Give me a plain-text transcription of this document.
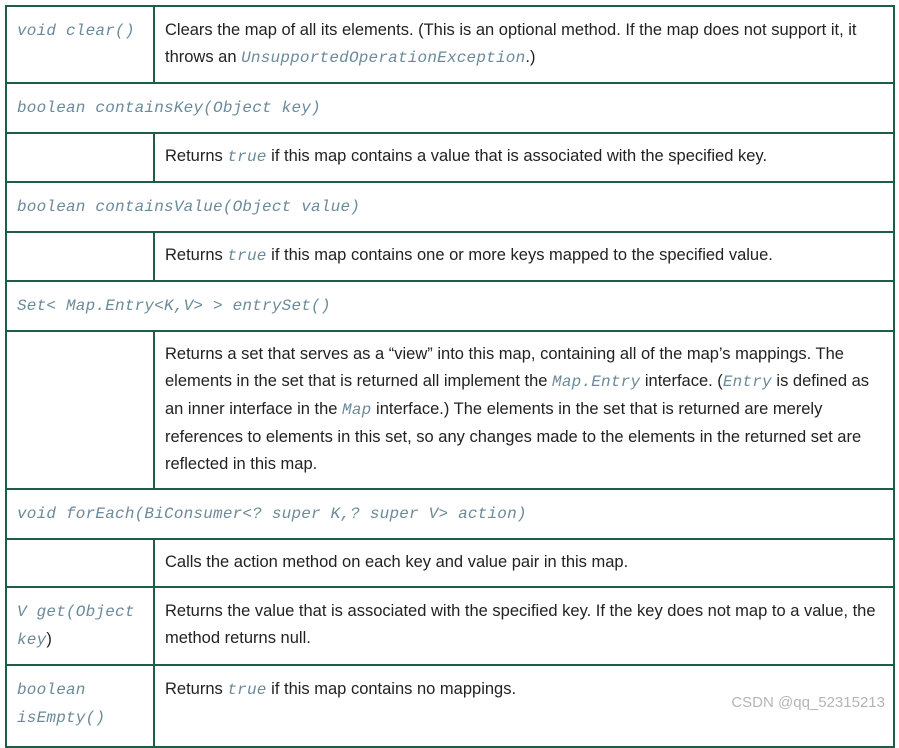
void clear()	Clears the map of all its elements. (This is an optional method. If the map does not support it, it throws an UnsupportedOperationException.)
boolean containsKey(Object key)	
	Returns true if this map contains a value that is associated with the specified key.
boolean containsValue(Object value)	
	Returns true if this map contains one or more keys mapped to the specified value.
Set< Map.Entry<K,V> > entrySet()	
	Returns a set that serves as a “view” into this map, containing all of the map’s mappings. The elements in the set that is returned all implement the Map.Entry interface. (Entry is defined as an inner interface in the Map interface.) The elements in the set that is returned are merely references to elements in this set, so any changes made to the elements in the returned set are reflected in this map.
void forEach(BiConsumer<? super K,? super V> action)	
	Calls the action method on each key and value pair in this map.
V get(Object key)	Returns the value that is associated with the specified key. If the key does not map to a value, the method returns null.
boolean isEmpty()	Returns true if this map contains no mappings.
CSDN @qq_52315213
